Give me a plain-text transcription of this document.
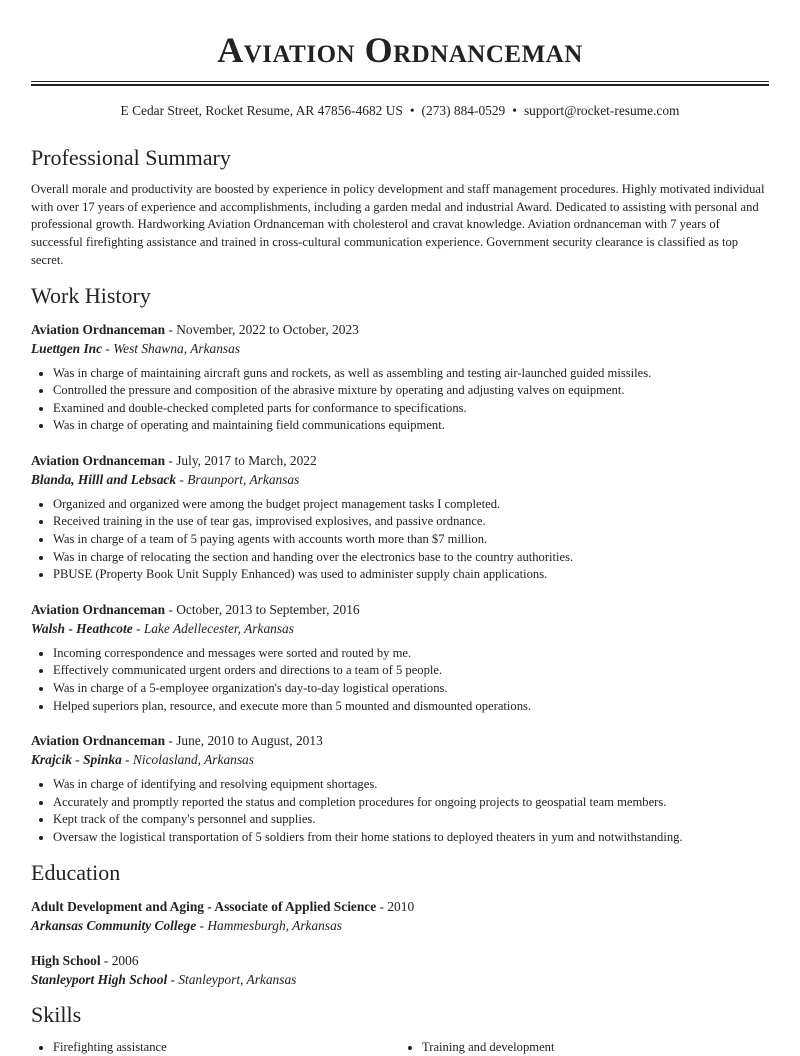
Aviation Ordnanceman
E Cedar Street, Rocket Resume, AR 47856-4682 US • (273) 884-0529 • support@rocket-resume.com
Professional Summary
Overall morale and productivity are boosted by experience in policy development and staff management procedures. Highly motivated individual with over 17 years of experience and accomplishments, including a garden medal and industrial Award. Dedicated to assisting with personal and professional growth. Hardworking Aviation Ordnanceman with cholesterol and cravat knowledge. Aviation ordnanceman with 7 years of successful firefighting assistance and trained in cross-cultural communication experience. Government security clearance is classified as top secret.
Work History
Aviation Ordnanceman - November, 2022 to October, 2023
Luettgen Inc - West Shawna, Arkansas
• Was in charge of maintaining aircraft guns and rockets, as well as assembling and testing air-launched guided missiles.
• Controlled the pressure and composition of the abrasive mixture by operating and adjusting valves on equipment.
• Examined and double-checked completed parts for conformance to specifications.
• Was in charge of operating and maintaining field communications equipment.
Aviation Ordnanceman - July, 2017 to March, 2022
Blanda, Hilll and Lebsack - Braunport, Arkansas
• Organized and organized were among the budget project management tasks I completed.
• Received training in the use of tear gas, improvised explosives, and passive ordnance.
• Was in charge of a team of 5 paying agents with accounts worth more than $7 million.
• Was in charge of relocating the section and handing over the electronics base to the country authorities.
• PBUSE (Property Book Unit Supply Enhanced) was used to administer supply chain applications.
Aviation Ordnanceman - October, 2013 to September, 2016
Walsh - Heathcote - Lake Adellecester, Arkansas
• Incoming correspondence and messages were sorted and routed by me.
• Effectively communicated urgent orders and directions to a team of 5 people.
• Was in charge of a 5-employee organization's day-to-day logistical operations.
• Helped superiors plan, resource, and execute more than 5 mounted and dismounted operations.
Aviation Ordnanceman - June, 2010 to August, 2013
Krajcik - Spinka - Nicolasland, Arkansas
• Was in charge of identifying and resolving equipment shortages.
• Accurately and promptly reported the status and completion procedures for ongoing projects to geospatial team members.
• Kept track of the company's personnel and supplies.
• Oversaw the logistical transportation of 5 soldiers from their home stations to deployed theaters in yum and notwithstanding.
Education
Adult Development and Aging - Associate of Applied Science - 2010
Arkansas Community College - Hammesburgh, Arkansas
High School - 2006
Stanleyport High School - Stanleyport, Arkansas
Skills
• Firefighting assistance	• Training and development
